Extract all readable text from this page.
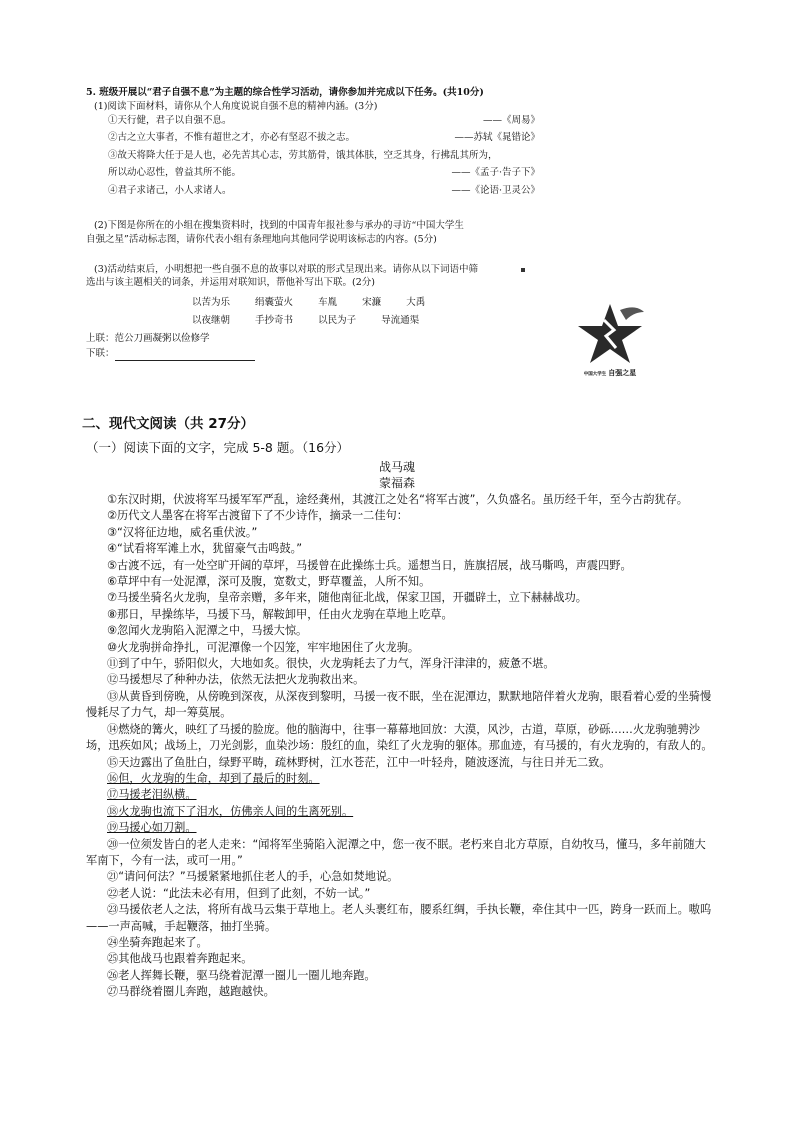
5. 班级开展以“君子自强不息”为主题的综合性学习活动，请你参加并完成以下任务。(共10分)
(1)阅读下面材料，请你从个人角度说说自强不息的精神内涵。(3分)
①天行健，君子以自强不息。	——《周易》
②古之立大事者，不惟有超世之才，亦必有坚忍不拔之志。	——苏轼《晁错论》
③故天将降大任于是人也，必先苦其心志，劳其筋骨，饿其体肤，空乏其身，行拂乱其所为，
所以动心忍性，曾益其所不能。	——《孟子·告子下》
④君子求诸己，小人求诸人。	——《论语·卫灵公》
(2)下图是你所在的小组在搜集资料时，找到的中国青年报社参与承办的寻访“中国大学生
自强之星”活动标志图，请你代表小组有条理地向其他同学说明该标志的内容。(5分)
(3)活动结束后，小明想把一些自强不息的故事以对联的形式呈现出来。请你从以下词语中筛
选出与该主题相关的词条，并运用对联知识，帮他补写出下联。(2分)
以苦为乐	绢囊萤火	车胤	宋濂	大禹
以夜继朝	手抄奇书	以民为子	导流通渠
上联：范公刀画凝粥以俭修学
下联：
中国大学生 自强之星
二、现代文阅读（共 27分）
（一）阅读下面的文字，完成 5-8 题。（16分）
战马魂
蒙福森

①东汉时期，伏波将军马援军军严乱，途经龚州，其渡江之处名“将军古渡”，久负盛名。虽历经千年，至今古韵犹存。

②历代文人墨客在将军古渡留下了不少诗作，摘录一二佳句：

③“汉将征边地，威名重伏波。”

④“试看将军滩上水，犹留豪气击鸣鼓。”

⑤古渡不远，有一处空旷开阔的草坪，马援曾在此操练士兵。遥想当日，旌旗招展，战马嘶鸣，声震四野。

⑥草坪中有一处泥潭，深可及腹，宽数丈，野草覆盖，人所不知。

⑦马援坐骑名火龙驹，皇帝亲赠，多年来，随他南征北战，保家卫国，开疆辟土，立下赫赫战功。

⑧那日，早操练毕，马援下马，解鞍卸甲，任由火龙驹在草地上吃草。

⑨忽闻火龙驹陷入泥潭之中，马援大惊。

⑩火龙驹拼命挣扎，可泥潭像一个囚笼，牢牢地困住了火龙驹。

⑪到了中午，骄阳似火，大地如炙。很快，火龙驹耗去了力气，浑身汗津津的，疲惫不堪。

⑫马援想尽了种种办法，依然无法把火龙驹救出来。

⑬从黄昏到傍晚，从傍晚到深夜，从深夜到黎明，马援一夜不眠，坐在泥潭边，默默地陪伴着火龙驹，眼看着心爱的坐骑慢慢耗尽了力气，却一筹莫展。

⑭燃烧的篝火，映红了马援的脸庞。他的脑海中，往事一幕幕地回放：大漠，风沙，古道，草原，砂砾……火龙驹驰骋沙场，迅疾如风；战场上，刀光剑影，血染沙场：殷红的血，染红了火龙驹的躯体。那血迹，有马援的，有火龙驹的，有敌人的。

⑮天边露出了鱼肚白，绿野平畴，疏林野树，江水苍茫，江中一叶轻舟，随波逐流，与往日并无二致。

⑯但，火龙驹的生命，却到了最后的时刻。

⑰马援老泪纵横。

⑱火龙驹也流下了泪水，仿佛亲人间的生离死别。

⑲马援心如刀割。

⑳一位须发皆白的老人走来：“闻将军坐骑陷入泥潭之中，您一夜不眠。老朽来自北方草原，自幼牧马，懂马，多年前随大军南下，今有一法，或可一用。”

㉑“请问何法？”马援紧紧地抓住老人的手，心急如焚地说。

㉒老人说：“此法未必有用，但到了此刻，不妨一试。”

㉓马援依老人之法，将所有战马云集于草地上。老人头裹红布，腰系红绸，手执长鞭，牵住其中一匹，跨身一跃而上。嗷呜——一声高喊，手起鞭落，抽打坐骑。

㉔坐骑奔跑起来了。

㉕其他战马也跟着奔跑起来。

㉖老人挥舞长鞭，驱马绕着泥潭一圈儿一圈儿地奔跑。

㉗马群绕着圈儿奔跑，越跑越快。
